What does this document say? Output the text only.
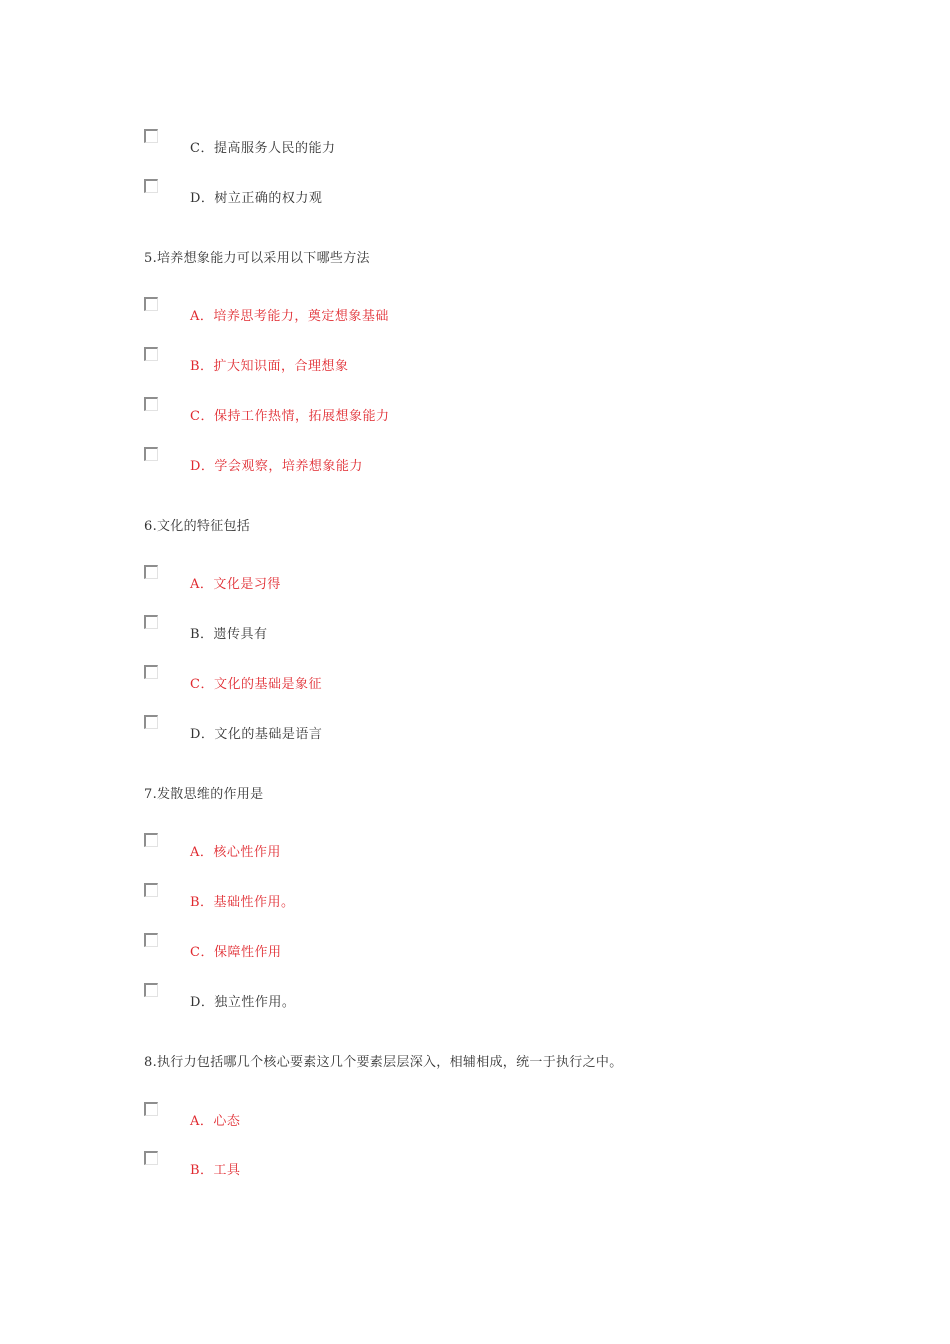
C．提高服务人民的能力
D．树立正确的权力观
5.培养想象能力可以采用以下哪些方法
A．培养思考能力，奠定想象基础
B．扩大知识面，合理想象
C．保持工作热情，拓展想象能力
D．学会观察，培养想象能力
6.文化的特征包括
A．文化是习得
B．遗传具有
C．文化的基础是象征
D．文化的基础是语言
7.发散思维的作用是
A．核心性作用
B．基础性作用。
C．保障性作用
D．独立性作用。
8.执行力包括哪几个核心要素这几个要素层层深入，相辅相成，统一于执行之中。
A．心态
B．工具
